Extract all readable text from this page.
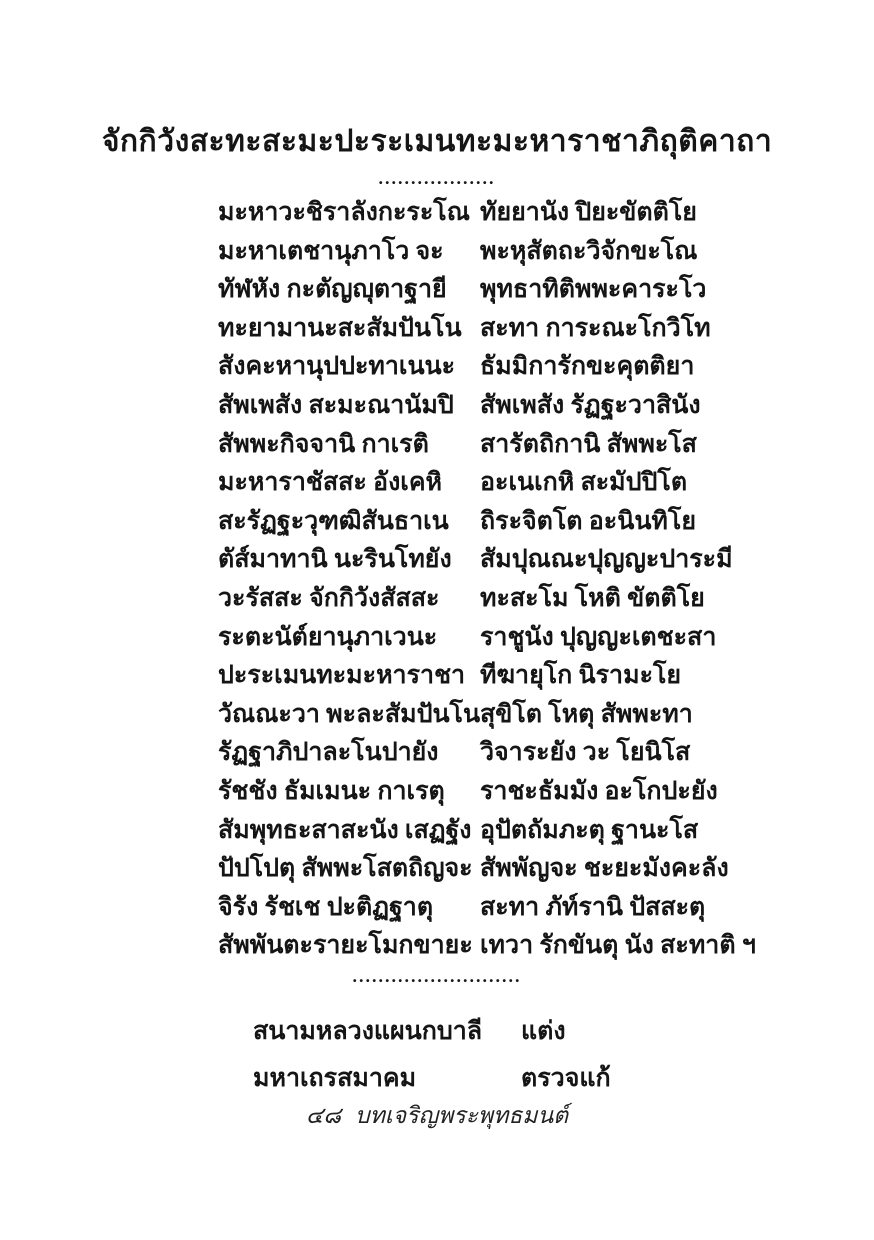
จักกิวังสะทะสะมะปะระเมนทะมะหาราชาภิถุติคาถา
..................
มะหาวะชิราลังกะระโณ ทัยยานัง ปิยะขัตติโย
มะหาเตชานุภาโว จะ พะหุสัตถะวิจักขะโณ
ทัฬหัง กะตัญญุตาฐายี พุทธาทิติพพะคาระโว
ทะยามานะสะสัมปันโน สะทา การะณะโกวิโท
สังคะหานุปปะทาเนนะ ธัมมิการักขะคุตติยา
สัพเพสัง สะมะณานัมปิ สัพเพสัง รัฏฐะวาสินัง
สัพพะกิจจานิ กาเรติ สารัตถิกานิ สัพพะโส
มะหาราชัสสะ อังเคหิ อะเนเกหิ สะมัปปิโต
สะรัฏฐะวุฑฒิสันธาเน ถิระจิตโต อะนินทิโย
ตัส์มาทานิ นะรินโทยัง สัมปุณณะปุญญะปาระมี
วะรัสสะ จักกิวังสัสสะ ทะสะโม โหติ ขัตติโย
ระตะนัต์ยานุภาเวนะ ราชูนัง ปุญญะเตชะสา
ปะระเมนทะมะหาราชา ทีฆายุโก นิรามะโย
วัณณะวา พะละสัมปันโนสุขิโต โหตุ สัพพะทา
รัฏฐาภิปาละโนปายัง วิจาระยัง วะ โยนิโส
รัชชัง ธัมเมนะ กาเรตุ ราชะธัมมัง อะโกปะยัง
สัมพุทธะสาสะนัง เสฏฐัง อุปัตถัมภะตุ ฐานะโส
ปัปโปตุ สัพพะโสตถิญจะ สัพพัญจะ ชะยะมังคะลัง
จิรัง รัชเช ปะติฏฐาตุ สะทา ภัท์รานิ ปัสสะตุ
สัพพันตะรายะโมกขายะ เทวา รักขันตุ นัง สะทาติ ฯ
..........................
สนามหลวงแผนกบาลี แต่ง
มหาเถรสมาคม	ตรวจแก้
๔๘ บทเจริญพระพุทธมนต์
